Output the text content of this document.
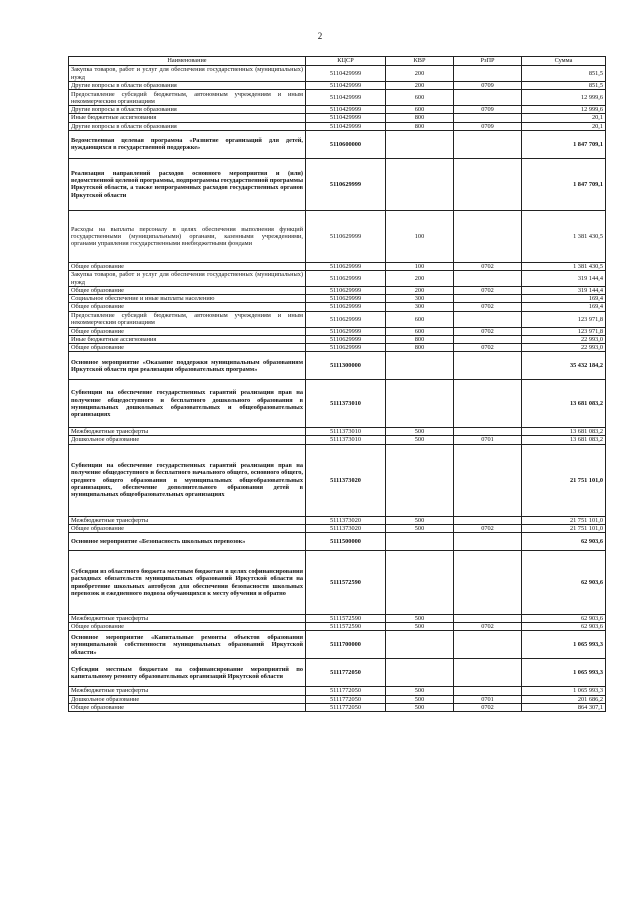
2
Наименование	КЦСР	КВР	РзПР	Сумма
Закупка товаров, работ и услуг для обеспечения государственных (муниципальных) нужд	5110429999	200		851,5
Другие вопросы в области образования	5110429999	200	0709	851,5
Предоставление субсидий бюджетным, автономным учреждениям и иным некоммерческим организациям	5110429999	600		12 999,6
Другие вопросы в области образования	5110429999	600	0709	12 999,6
Иные бюджетные ассигнования	5110429999	800		20,1
Другие вопросы в области образования	5110429999	800	0709	20,1
Ведомственная целевая программа «Развитие организаций для детей, нуждающихся в государственной поддержке»	5110600000			1 847 709,1
Реализация направлений расходов основного мероприятия и (или) ведомственной целевой программы, подпрограммы государственной программы Иркутской области, а также непрограммных расходов государственных органов Иркутской области	5110629999			1 847 709,1
Расходы на выплаты персоналу в целях обеспечения выполнения функций государственными (муниципальными) органами, казенными учреждениями, органами управления государственными внебюджетными фондами	5110629999	100		1 381 430,5
Общее образование	5110629999	100	0702	1 381 430,5
Закупка товаров, работ и услуг для обеспечения государственных (муниципальных) нужд	5110629999	200		319 144,4
Общее образование	5110629999	200	0702	319 144,4
Социальное обеспечение и иные выплаты населению	5110629999	300		169,4
Общее образование	5110629999	300	0702	169,4
Предоставление субсидий бюджетным, автономным учреждениям и иным некоммерческим организациям	5110629999	600		123 971,8
Общее образование	5110629999	600	0702	123 971,8
Иные бюджетные ассигнования	5110629999	800		22 993,0
Общее образование	5110629999	800	0702	22 993,0
Основное мероприятие «Оказание поддержки муниципальным образованиям Иркутской области при реализации образовательных программ»	5111300000			35 432 184,2
Субвенции на обеспечение государственных гарантий реализации прав на получение общедоступного и бесплатного дошкольного образования в муниципальных дошкольных образовательных и общеобразовательных организациях	5111373010			13 681 083,2
Межбюджетные трансферты	5111373010	500		13 681 083,2
Дошкольное образование	5111373010	500	0701	13 681 083,2
Субвенции на обеспечение государственных гарантий реализации прав на получение общедоступного и бесплатного начального общего, основного общего, среднего общего образования в муниципальных общеобразовательных организациях, обеспечение дополнительного образования детей в муниципальных общеобразовательных организациях	5111373020			21 751 101,0
Межбюджетные трансферты	5111373020	500		21 751 101,0
Общее образование	5111373020	500	0702	21 751 101,0
Основное мероприятие «Безопасность школьных перевозок»	5111500000			62 903,6
Субсидии из областного бюджета местным бюджетам в целях софинансирования расходных обязательств муниципальных образований Иркутской области на приобретение школьных автобусов для обеспечения безопасности школьных перевозок и ежедневного подвоза обучающихся к месту обучения и обратно	5111572590			62 903,6
Межбюджетные трансферты	5111572590	500		62 903,6
Общее образование	5111572590	500	0702	62 903,6
Основное мероприятие «Капитальные ремонты объектов образования муниципальной собственности муниципальных образований Иркутской области»	5111700000			1 065 993,3
Субсидии местным бюджетам на софинансирование мероприятий по капитальному ремонту образовательных организаций Иркутской области	5111772050			1 065 993,3
Межбюджетные трансферты	5111772050	500		1 065 993,3
Дошкольное образование	5111772050	500	0701	201 686,2
Общее образование	5111772050	500	0702	864 307,1
